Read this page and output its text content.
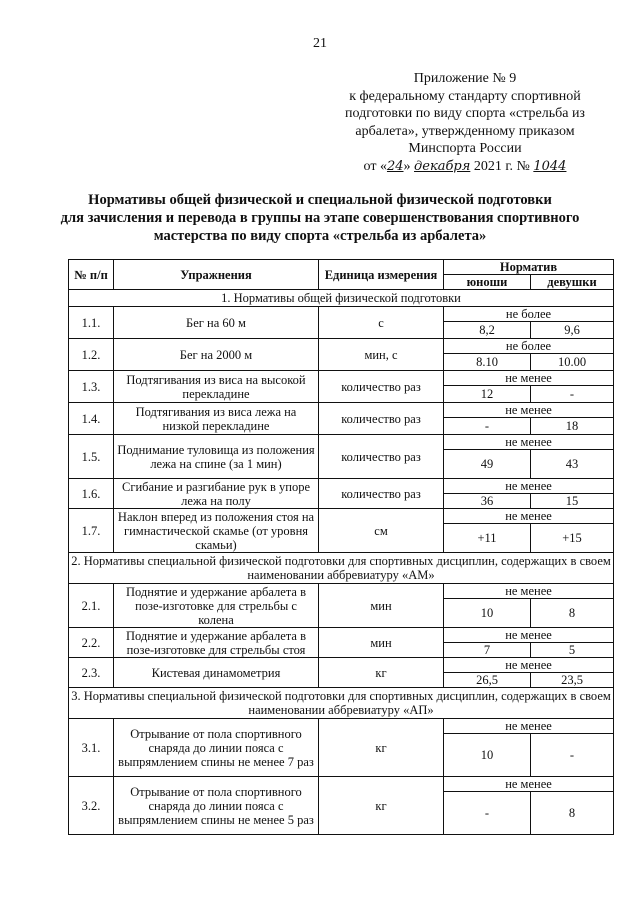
21
Приложение № 9
к федеральному стандарту спортивной
подготовки по виду спорта «стрельба из
арбалета», утвержденному приказом
Минспорта России
от «24» декабря 2021 г. № 1044
Нормативы общей физической и специальной физической подготовки
для зачисления и перевода в группы на этапе совершенствования спортивного
мастерства по виду спорта «стрельба из арбалета»
№ п/п	Упражнения	Единица измерения	Норматив	
			юноши	девушки
1. Нормативы общей физической подготовки				
1.1.	Бег на 60 м	с	не более	
			8,2	9,6
1.2.	Бег на 2000 м	мин, с	не более	
			8.10	10.00
1.3.	Подтягивания из виса на высокой перекладине	количество раз	не менее	
			12	-
1.4.	Подтягивания из виса лежа на низкой перекладине	количество раз	не менее	
			-	18
1.5.	Поднимание туловища из положения лежа на спине (за 1 мин)	количество раз	не менее	
			49	43
1.6.	Сгибание и разгибание рук в упоре лежа на полу	количество раз	не менее	
			36	15
1.7.	Наклон вперед из положения стоя на гимнастической скамье (от уровня скамьи)	см	не менее	
			+11	+15
2. Нормативы специальной физической подготовки для спортивных дисциплин, содержащих в своем наименовании аббревиатуру «АМ»				
2.1.	Поднятие и удержание арбалета в позе-изготовке для стрельбы с колена	мин	не менее	
			10	8
2.2.	Поднятие и удержание арбалета в позе-изготовке для стрельбы стоя	мин	не менее	
			7	5
2.3.	Кистевая динамометрия	кг	не менее	
			26,5	23,5
3. Нормативы специальной физической подготовки для спортивных дисциплин, содержащих в своем наименовании аббревиатуру «АП»				
3.1.	Отрывание от пола спортивного снаряда до линии пояса с выпрямлением спины не менее 7 раз	кг	не менее	
			10	-
3.2.	Отрывание от пола спортивного снаряда до линии пояса с выпрямлением спины не менее 5 раз	кг	не менее	
			-	8
